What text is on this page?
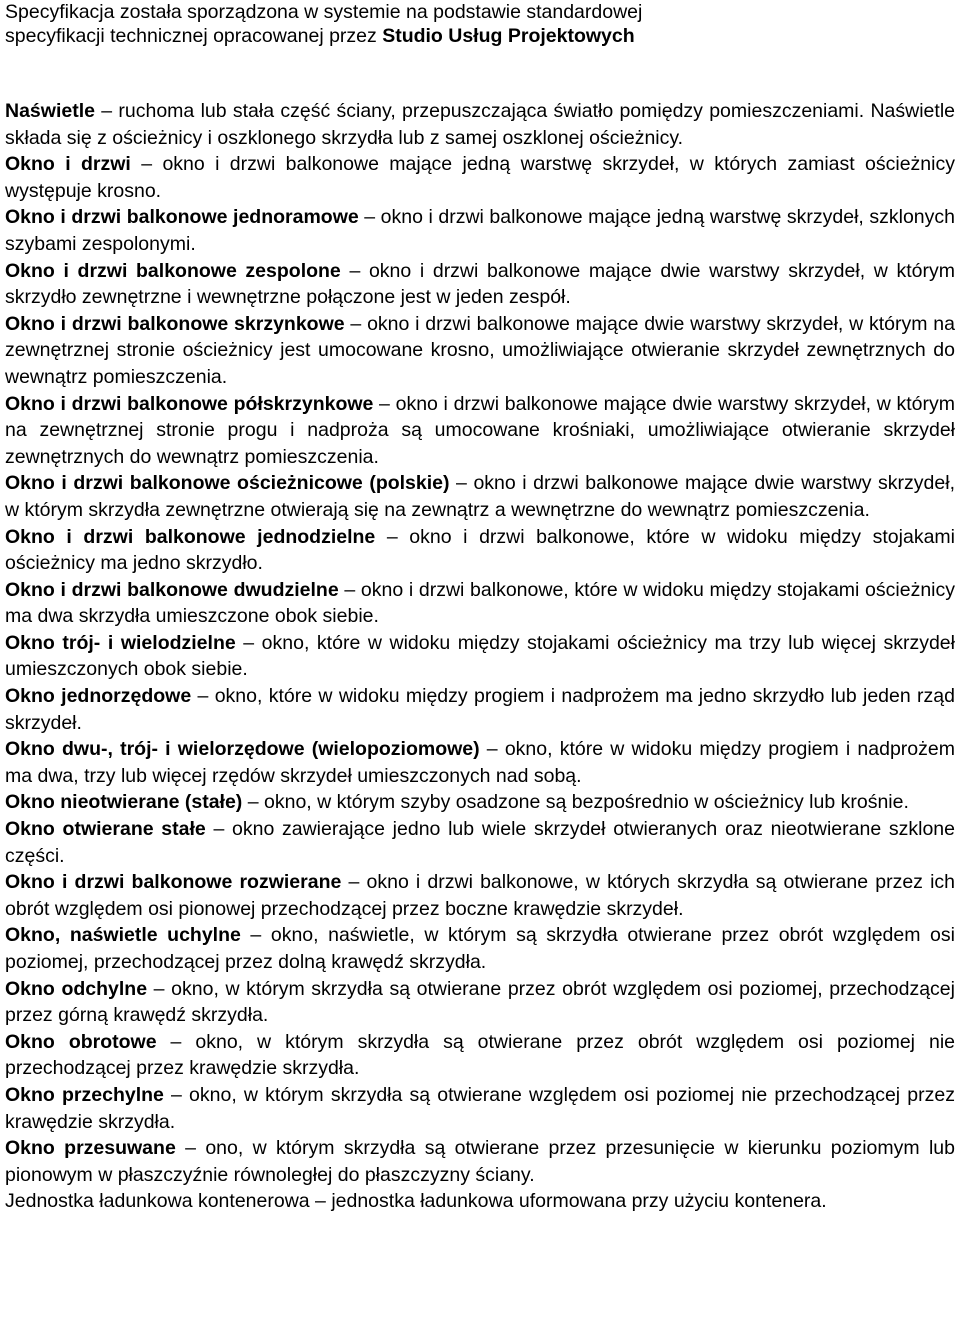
Specyfikacja została sporządzona w systemie na podstawie standardowej
specyfikacji technicznej opracowanej przez Studio Usług Projektowych

Naświetle – ruchoma lub stała część ściany, przepuszczająca światło pomiędzy pomieszczeniami. Naświetle składa się z ościeżnicy i oszklonego skrzydła lub z samej oszklonej ościeżnicy.

Okno i drzwi – okno i drzwi balkonowe mające jedną warstwę skrzydeł, w których zamiast ościeżnicy występuje krosno.

Okno i drzwi balkonowe jednoramowe – okno i drzwi balkonowe mające jedną warstwę skrzydeł, szklonych szybami zespolonymi.

Okno i drzwi balkonowe zespolone – okno i drzwi balkonowe mające dwie warstwy skrzydeł, w którym skrzydło zewnętrzne i wewnętrzne połączone jest w jeden zespół.

Okno i drzwi balkonowe skrzynkowe – okno i drzwi balkonowe mające dwie warstwy skrzydeł, w którym na zewnętrznej stronie ościeżnicy jest umocowane krosno, umożliwiające otwieranie skrzydeł zewnętrznych do wewnątrz pomieszczenia.

Okno i drzwi balkonowe półskrzynkowe – okno i drzwi balkonowe mające dwie warstwy skrzydeł, w którym na zewnętrznej stronie progu i nadproża są umocowane krośniaki, umożliwiające otwieranie skrzydeł zewnętrznych do wewnątrz pomieszczenia.

Okno i drzwi balkonowe ościeżnicowe (polskie) – okno i drzwi balkonowe mające dwie warstwy skrzydeł, w którym skrzydła zewnętrzne otwierają się na zewnątrz a wewnętrzne do wewnątrz pomieszczenia.

Okno i drzwi balkonowe jednodzielne – okno i drzwi balkonowe, które w widoku między stojakami ościeżnicy ma jedno skrzydło.

Okno i drzwi balkonowe dwudzielne – okno i drzwi balkonowe, które w widoku między stojakami ościeżnicy ma dwa skrzydła umieszczone obok siebie.

Okno trój- i wielodzielne – okno, które w widoku między stojakami ościeżnicy ma trzy lub więcej skrzydeł umieszczonych obok siebie.

Okno jednorzędowe – okno, które w widoku między progiem i nadprożem ma jedno skrzydło lub jeden rząd skrzydeł.

Okno dwu-, trój- i wielorzędowe (wielopoziomowe) – okno, które w widoku między progiem i nadprożem ma dwa, trzy lub więcej rzędów skrzydeł umieszczonych nad sobą.

Okno nieotwierane (stałe) – okno, w którym szyby osadzone są bezpośrednio w ościeżnicy lub krośnie.

Okno otwierane stałe – okno zawierające jedno lub wiele skrzydeł otwieranych oraz nieotwierane szklone części.

Okno i drzwi balkonowe rozwierane – okno i drzwi balkonowe, w których skrzydła są otwierane przez ich obrót względem osi pionowej przechodzącej przez boczne krawędzie skrzydeł.

Okno, naświetle uchylne – okno, naświetle, w którym są skrzydła otwierane przez obrót względem osi poziomej, przechodzącej przez dolną krawędź skrzydła.

Okno odchylne – okno, w którym skrzydła są otwierane przez obrót względem osi poziomej, przechodzącej przez górną krawędź skrzydła.

Okno obrotowe – okno, w którym skrzydła są otwierane przez obrót względem osi poziomej nie przechodzącej przez krawędzie skrzydła.

Okno przechylne – okno, w którym skrzydła są otwierane względem osi poziomej nie przechodzącej przez krawędzie skrzydła.

Okno przesuwane – ono, w którym skrzydła są otwierane przez przesunięcie w kierunku poziomym lub pionowym w płaszczyźnie równoległej do płaszczyzny ściany.

Jednostka ładunkowa kontenerowa – jednostka ładunkowa uformowana przy użyciu kontenera.
